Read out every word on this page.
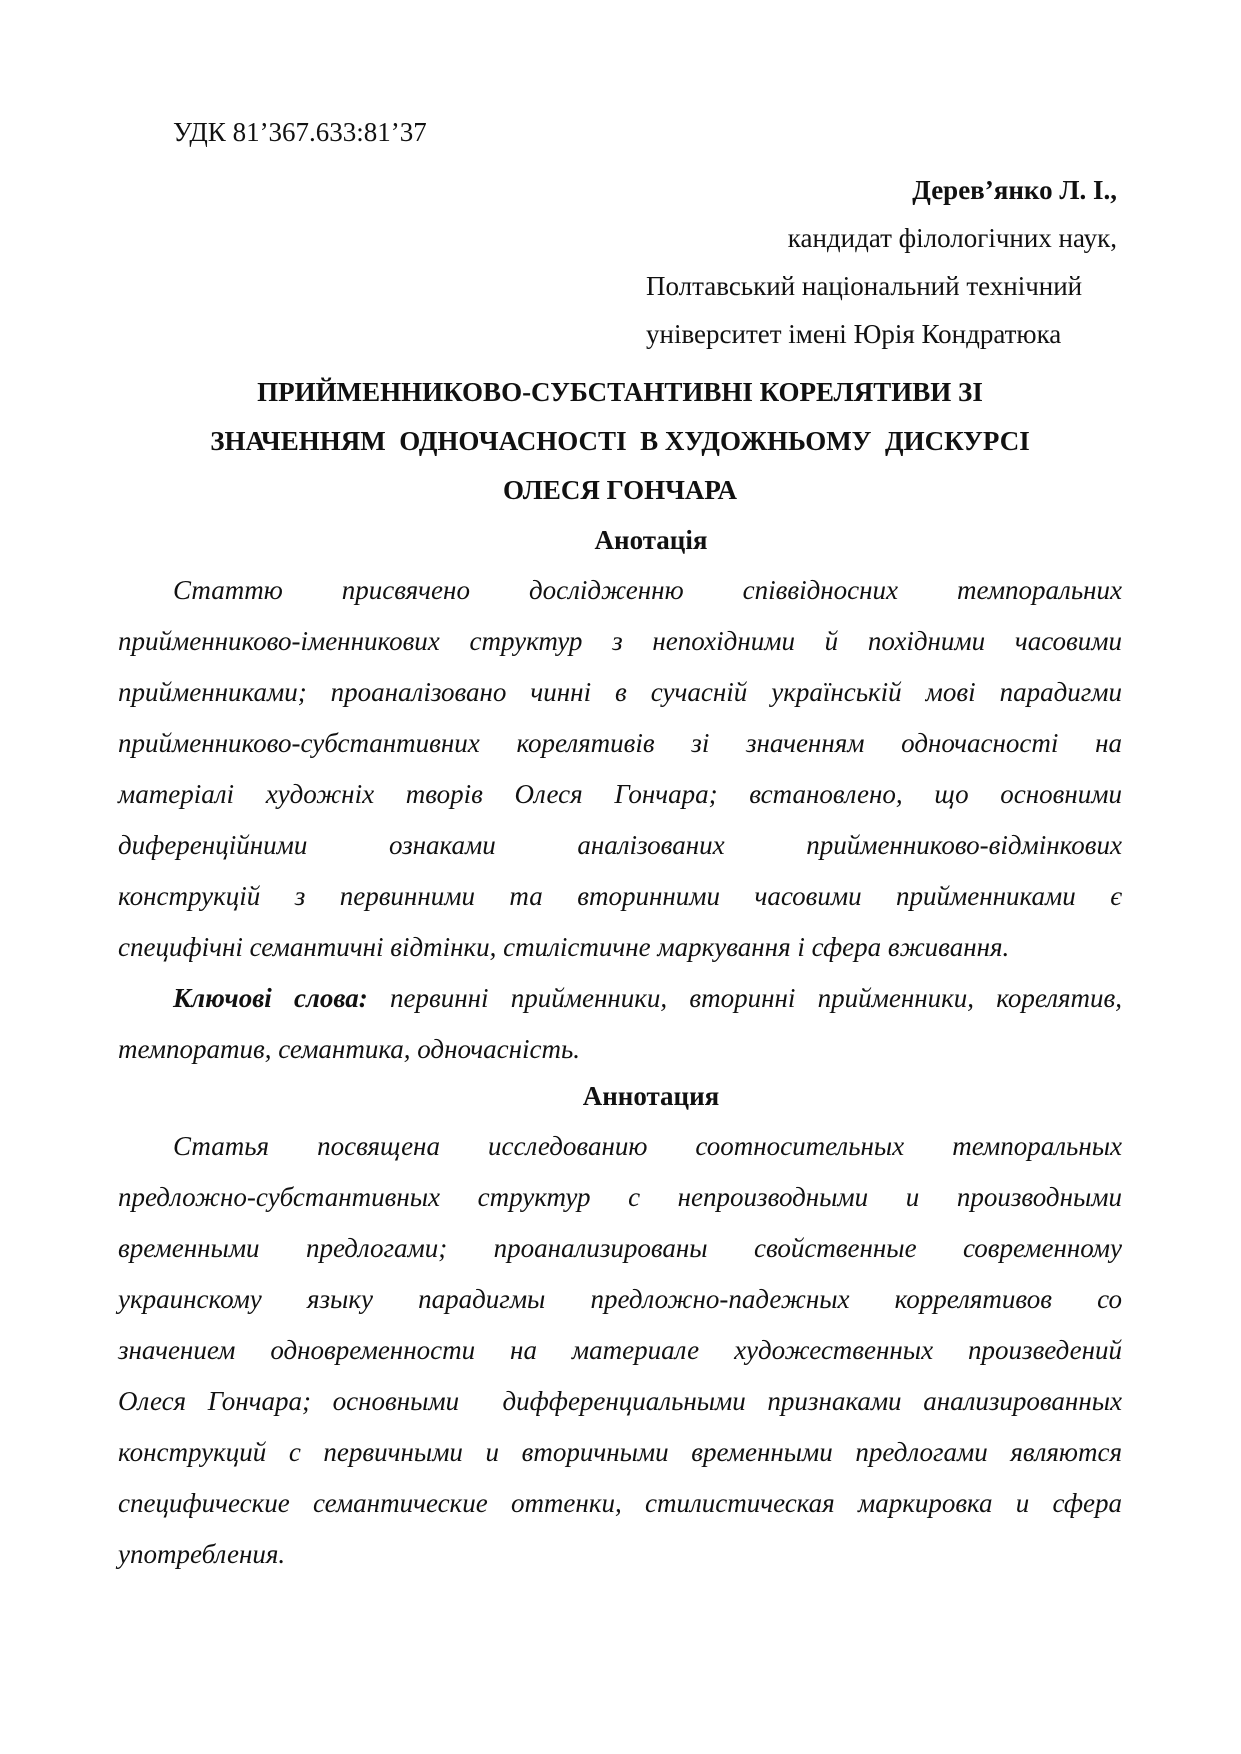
УДК 81’367.633:81’37
Дерев’янко Л. І.,
кандидат філологічних наук,
Полтавський національний технічний
університет імені Юрія Кондратюка
ПРИЙМЕННИКОВО-СУБСТАНТИВНІ КОРЕЛЯТИВИ ЗІ
ЗНАЧЕННЯМ  ОДНОЧАСНОСТІ  В ХУДОЖНЬОМУ  ДИСКУРСІ
ОЛЕСЯ ГОНЧАРА
Анотація
Статтю присвячено дослідженню співвідносних темпоральних
прийменниково-іменникових структур з непохідними й похідними часовими
прийменниками; проаналізовано чинні в сучасній українській мові парадигми
прийменниково-субстантивних корелятивів зі значенням одночасності на
матеріалі художніх творів Олеся Гончара; встановлено, що основними
диференційними ознаками аналізованих прийменниково-відмінкових
конструкцій з первинними та вторинними часовими прийменниками є
специфічні семантичні відтінки, стилістичне маркування і сфера вживання.
Ключові слова: первинні прийменники, вторинні прийменники, корелятив,
темпоратив, семантика, одночасність.
Аннотация
Статья посвящена исследованию соотносительных темпоральных
предложно-субстантивных структур с непроизводными и производными
временными предлогами; проанализированы свойственные современному
украинскому языку парадигмы предложно-падежных коррелятивов со
значением одновременности на материале художественных произведений
Олеся Гончара; основными  дифференциальными признаками анализированных
конструкций с первичными и вторичными временными предлогами являются
специфические семантические оттенки, стилистическая маркировка и сфера
употребления.
